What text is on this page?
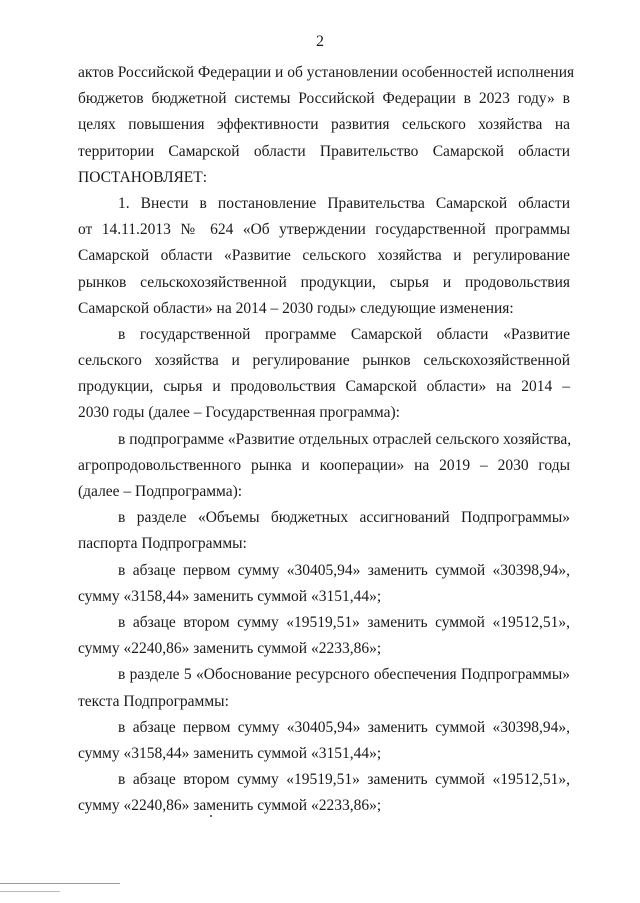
2
актов Российской Федерации и об установлении особенностей исполнения
бюджетов бюджетной системы Российской Федерации в 2023 году» в
целях повышения эффективности развития сельского хозяйства на
территории Самарской области Правительство Самарской области
ПОСТАНОВЛЯЕТ:
1. Внести в постановление Правительства Самарской области
от 14.11.2013 № 624 «Об утверждении государственной программы
Самарской области «Развитие сельского хозяйства и регулирование
рынков сельскохозяйственной продукции, сырья и продовольствия
Самарской области» на 2014 – 2030 годы» следующие изменения:
в государственной программе Самарской области «Развитие
сельского хозяйства и регулирование рынков сельскохозяйственной
продукции, сырья и продовольствия Самарской области» на 2014 –
2030 годы (далее – Государственная программа):
в подпрограмме «Развитие отдельных отраслей сельского хозяйства,
агропродовольственного рынка и кооперации» на 2019 – 2030 годы
(далее – Подпрограмма):
в разделе «Объемы бюджетных ассигнований Подпрограммы»
паспорта Подпрограммы:
в абзаце первом сумму «30405,94» заменить суммой «30398,94»,
сумму «3158,44» заменить суммой «3151,44»;
в абзаце втором сумму «19519,51» заменить суммой «19512,51»,
сумму «2240,86» заменить суммой «2233,86»;
в разделе 5 «Обоснование ресурсного обеспечения Подпрограммы»
текста Подпрограммы:
в абзаце первом сумму «30405,94» заменить суммой «30398,94»,
сумму «3158,44» заменить суммой «3151,44»;
в абзаце втором сумму «19519,51» заменить суммой «19512,51»,
сумму «2240,86» заменить суммой «2233,86»;
